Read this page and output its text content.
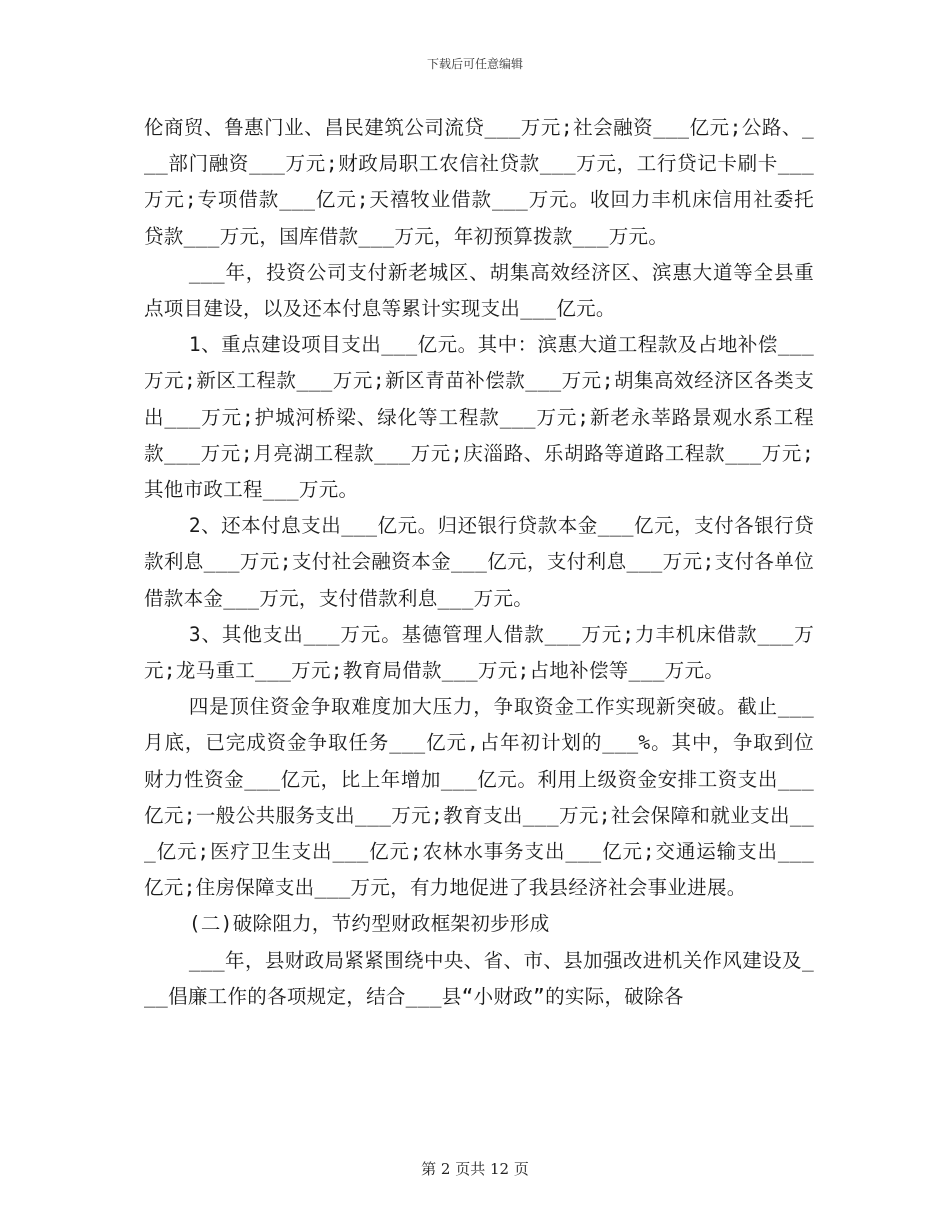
下载后可任意编辑

伦商贸、鲁惠门业、昌民建筑公司流贷___万元;社会融资___亿元;公路、___部门融资___万元;财政局职工农信社贷款___万元，工行贷记卡刷卡___万元;专项借款___亿元;天禧牧业借款___万元。收回力丰机床信用社委托贷款___万元，国库借款___万元，年初预算拨款___万元。

___年，投资公司支付新老城区、胡集高效经济区、滨惠大道等全县重点项目建设，以及还本付息等累计实现支出___亿元。

1、重点建设项目支出___亿元。其中：滨惠大道工程款及占地补偿___万元;新区工程款___万元;新区青苗补偿款___万元;胡集高效经济区各类支出___万元;护城河桥梁、绿化等工程款___万元;新老永莘路景观水系工程款___万元;月亮湖工程款___万元;庆淄路、乐胡路等道路工程款___万元;其他市政工程___万元。

2、还本付息支出___亿元。归还银行贷款本金___亿元，支付各银行贷款利息___万元;支付社会融资本金___亿元，支付利息___万元;支付各单位借款本金___万元，支付借款利息___万元。

3、其他支出___万元。基德管理人借款___万元;力丰机床借款___万元;龙马重工___万元;教育局借款___万元;占地补偿等___万元。

四是顶住资金争取难度加大压力，争取资金工作实现新突破。截止___月底，已完成资金争取任务___亿元,占年初计划的___%。其中，争取到位财力性资金___亿元，比上年增加___亿元。利用上级资金安排工资支出___亿元;一般公共服务支出___万元;教育支出___万元;社会保障和就业支出___亿元;医疗卫生支出___亿元;农林水事务支出___亿元;交通运输支出___亿元;住房保障支出___万元，有力地促进了我县经济社会事业进展。

(二)破除阻力，节约型财政框架初步形成

___年，县财政局紧紧围绕中央、省、市、县加强改进机关作风建设及___倡廉工作的各项规定，结合___县“小财政”的实际，破除各

第 2 页共 12 页
